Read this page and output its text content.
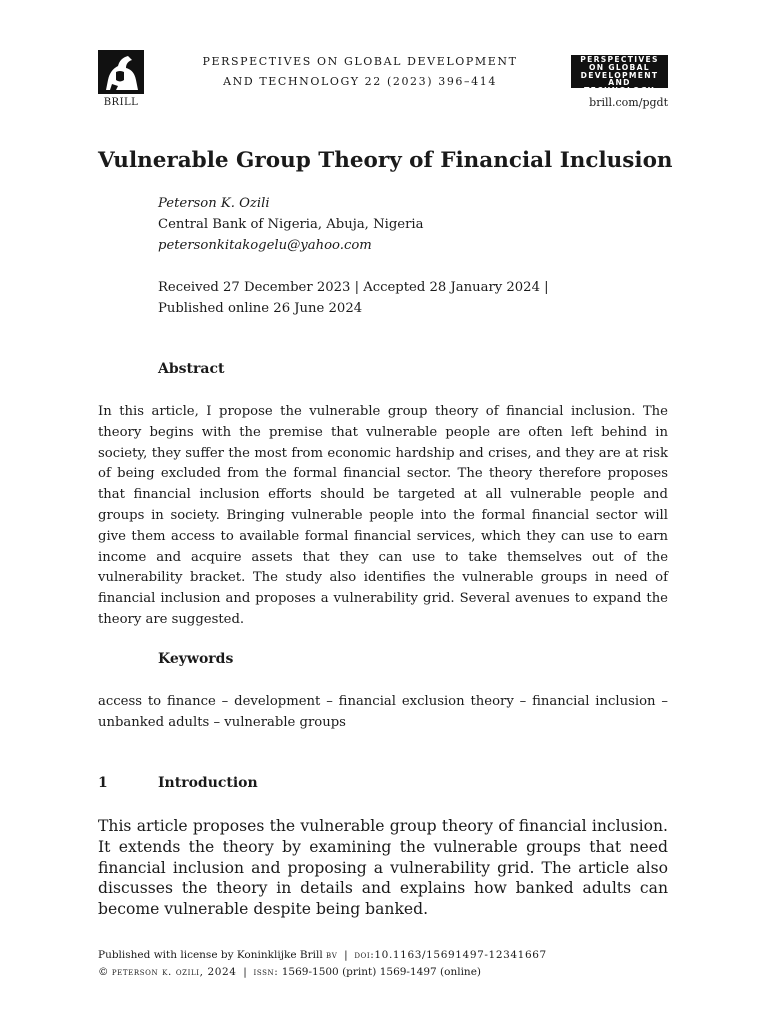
BRILL
PERSPECTIVES ON GLOBAL DEVELOPMENT
AND TECHNOLOGY 22 (2023) 396–414
PERSPECTIVES
ON GLOBAL
DEVELOPMENT
AND
TECHNOLOGY
brill.com/pgdt
Vulnerable Group Theory of Financial Inclusion
Peterson K. Ozili
Central Bank of Nigeria, Abuja, Nigeria
petersonkitakogelu@yahoo.com
Received 27 December 2023 | Accepted 28 January 2024 |
Published online 26 June 2024
Abstract
In this article, I propose the vulnerable group theory of financial inclusion. The theory begins with the premise that vulnerable people are often left behind in society, they suffer the most from economic hardship and crises, and they are at risk of being excluded from the formal financial sector. The theory therefore proposes that financial inclusion efforts should be targeted at all vulnerable people and groups in society. Bringing vulnerable people into the formal financial sector will give them access to available formal financial services, which they can use to earn income and acquire assets that they can use to take themselves out of the vulnerability bracket. The study also identifies the vulnerable groups in need of financial inclusion and proposes a vulnerability grid. Several avenues to expand the theory are suggested.
Keywords
access to finance – development – financial exclusion theory – financial inclusion – unbanked adults – vulnerable groups
1	Introduction
This article proposes the vulnerable group theory of financial inclusion. It extends the theory by examining the vulnerable groups that need financial inclusion and proposing a vulnerability grid. The article also discusses the theory in details and explains how banked adults can become vulnerable despite being banked.
Published with license by Koninklijke Brill bv  |  doi:10.1163/15691497-12341667
© peterson k. ozili, 2024  |  issn: 1569-1500 (print) 1569-1497 (online)
